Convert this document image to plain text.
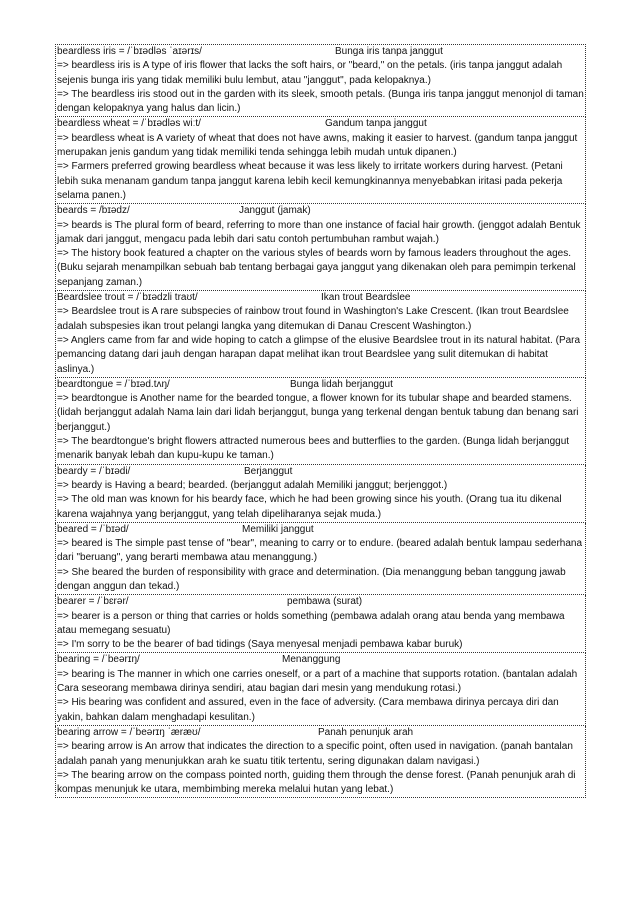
beardless iris = /ˈbɪədləs ˈaɪərɪs/	Bunga iris tanpa janggut
=> beardless iris is A type of iris flower that lacks the soft hairs, or "beard," on the petals. (iris tanpa janggut adalah sejenis bunga iris yang tidak memiliki bulu lembut, atau "janggut", pada kelopaknya.)
=> The beardless iris stood out in the garden with its sleek, smooth petals. (Bunga iris tanpa janggut menonjol di taman dengan kelopaknya yang halus dan licin.)
beardless wheat = /ˈbɪədləs wiːt/	Gandum tanpa janggut
=> beardless wheat is A variety of wheat that does not have awns, making it easier to harvest. (gandum tanpa janggut merupakan jenis gandum yang tidak memiliki tenda sehingga lebih mudah untuk dipanen.)
=> Farmers preferred growing beardless wheat because it was less likely to irritate workers during harvest. (Petani lebih suka menanam gandum tanpa janggut karena lebih kecil kemungkinannya menyebabkan iritasi pada pekerja selama panen.)
beards = /bɪədz/	Janggut (jamak)
=> beards is The plural form of beard, referring to more than one instance of facial hair growth. (jenggot adalah Bentuk jamak dari janggut, mengacu pada lebih dari satu contoh pertumbuhan rambut wajah.)
=> The history book featured a chapter on the various styles of beards worn by famous leaders throughout the ages. (Buku sejarah menampilkan sebuah bab tentang berbagai gaya janggut yang dikenakan oleh para pemimpin terkenal sepanjang zaman.)
Beardslee trout = /ˈbɪədzli traʊt/	Ikan trout Beardslee
=> Beardslee trout is A rare subspecies of rainbow trout found in Washington's Lake Crescent. (Ikan trout Beardslee adalah subspesies ikan trout pelangi langka yang ditemukan di Danau Crescent Washington.)
=> Anglers came from far and wide hoping to catch a glimpse of the elusive Beardslee trout in its natural habitat. (Para pemancing datang dari jauh dengan harapan dapat melihat ikan trout Beardslee yang sulit ditemukan di habitat aslinya.)
beardtongue = /ˈbɪəd.tʌŋ/	Bunga lidah berjanggut
=> beardtongue is Another name for the bearded tongue, a flower known for its tubular shape and bearded stamens. (lidah berjanggut adalah Nama lain dari lidah berjanggut, bunga yang terkenal dengan bentuk tabung dan benang sari berjanggut.)
=> The beardtongue's bright flowers attracted numerous bees and butterflies to the garden. (Bunga lidah berjanggut menarik banyak lebah dan kupu-kupu ke taman.)
beardy = /ˈbɪədi/	Berjanggut
=> beardy is Having a beard; bearded. (berjanggut adalah Memiliki janggut; berjenggot.)
=> The old man was known for his beardy face, which he had been growing since his youth. (Orang tua itu dikenal karena wajahnya yang berjanggut, yang telah dipeliharanya sejak muda.)
beared = /ˈbɪəd/	Memiliki janggut
=> beared is The simple past tense of "bear", meaning to carry or to endure. (beared adalah bentuk lampau sederhana dari "beruang", yang berarti membawa atau menanggung.)
=> She beared the burden of responsibility with grace and determination. (Dia menanggung beban tanggung jawab dengan anggun dan tekad.)
bearer = /ˈbɛrər/	pembawa (surat)
=> bearer is a person or thing that carries or holds something (pembawa adalah orang atau benda yang membawa atau memegang sesuatu)
=> I'm sorry to be the bearer of bad tidings (Saya menyesal menjadi pembawa kabar buruk)
bearing = /ˈbeərɪŋ/	Menanggung
=> bearing is The manner in which one carries oneself, or a part of a machine that supports rotation. (bantalan adalah Cara seseorang membawa dirinya sendiri, atau bagian dari mesin yang mendukung rotasi.)
=> His bearing was confident and assured, even in the face of adversity. (Cara membawa dirinya percaya diri dan yakin, bahkan dalam menghadapi kesulitan.)
bearing arrow = /ˈbeərɪŋ ˈæræʊ/	Panah penunjuk arah
=> bearing arrow is An arrow that indicates the direction to a specific point, often used in navigation. (panah bantalan adalah panah yang menunjukkan arah ke suatu titik tertentu, sering digunakan dalam navigasi.)
=> The bearing arrow on the compass pointed north, guiding them through the dense forest. (Panah penunjuk arah di kompas menunjuk ke utara, membimbing mereka melalui hutan yang lebat.)
